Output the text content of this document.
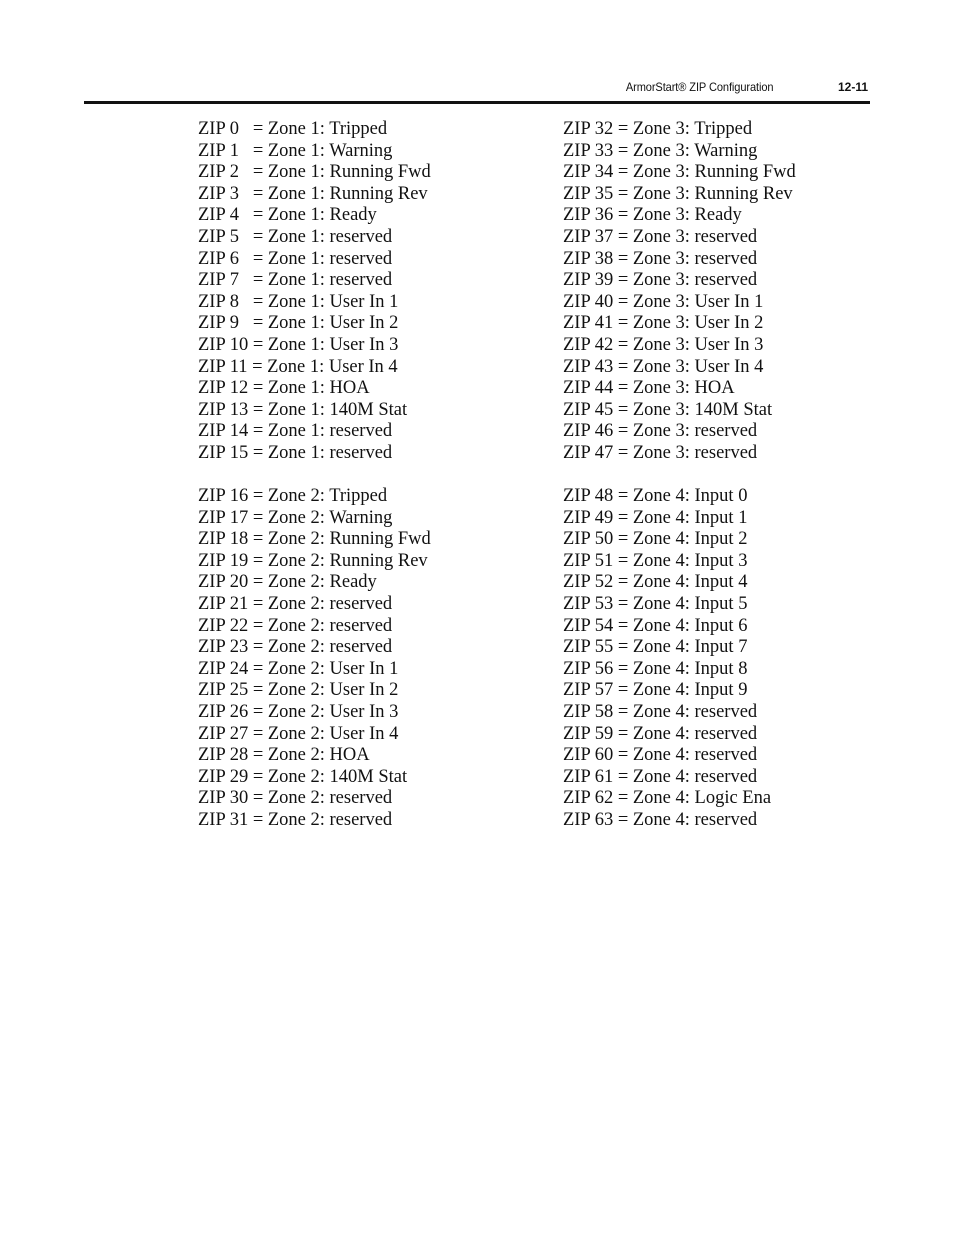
ArmorStart® ZIP Configuration	12-11
ZIP 0   = Zone 1: Tripped
ZIP 1   = Zone 1: Warning
ZIP 2   = Zone 1: Running Fwd
ZIP 3   = Zone 1: Running Rev
ZIP 4   = Zone 1: Ready
ZIP 5   = Zone 1: reserved
ZIP 6   = Zone 1: reserved
ZIP 7   = Zone 1: reserved
ZIP 8   = Zone 1: User In 1
ZIP 9   = Zone 1: User In 2
ZIP 10 = Zone 1: User In 3
ZIP 11 = Zone 1: User In 4
ZIP 12 = Zone 1: HOA
ZIP 13 = Zone 1: 140M Stat
ZIP 14 = Zone 1: reserved
ZIP 15 = Zone 1: reserved
ZIP 16 = Zone 2: Tripped
ZIP 17 = Zone 2: Warning
ZIP 18 = Zone 2: Running Fwd
ZIP 19 = Zone 2: Running Rev
ZIP 20 = Zone 2: Ready
ZIP 21 = Zone 2: reserved
ZIP 22 = Zone 2: reserved
ZIP 23 = Zone 2: reserved
ZIP 24 = Zone 2: User In 1
ZIP 25 = Zone 2: User In 2
ZIP 26 = Zone 2: User In 3
ZIP 27 = Zone 2: User In 4
ZIP 28 = Zone 2: HOA
ZIP 29 = Zone 2: 140M Stat
ZIP 30 = Zone 2: reserved
ZIP 31 = Zone 2: reserved
ZIP 32 = Zone 3: Tripped
ZIP 33 = Zone 3: Warning
ZIP 34 = Zone 3: Running Fwd
ZIP 35 = Zone 3: Running Rev
ZIP 36 = Zone 3: Ready
ZIP 37 = Zone 3: reserved
ZIP 38 = Zone 3: reserved
ZIP 39 = Zone 3: reserved
ZIP 40 = Zone 3: User In 1
ZIP 41 = Zone 3: User In 2
ZIP 42 = Zone 3: User In 3
ZIP 43 = Zone 3: User In 4
ZIP 44 = Zone 3: HOA
ZIP 45 = Zone 3: 140M Stat
ZIP 46 = Zone 3: reserved
ZIP 47 = Zone 3: reserved
ZIP 48 = Zone 4: Input 0
ZIP 49 = Zone 4: Input 1
ZIP 50 = Zone 4: Input 2
ZIP 51 = Zone 4: Input 3
ZIP 52 = Zone 4: Input 4
ZIP 53 = Zone 4: Input 5
ZIP 54 = Zone 4: Input 6
ZIP 55 = Zone 4: Input 7
ZIP 56 = Zone 4: Input 8
ZIP 57 = Zone 4: Input 9
ZIP 58 = Zone 4: reserved
ZIP 59 = Zone 4: reserved
ZIP 60 = Zone 4: reserved
ZIP 61 = Zone 4: reserved
ZIP 62 = Zone 4: Logic Ena
ZIP 63 = Zone 4: reserved
